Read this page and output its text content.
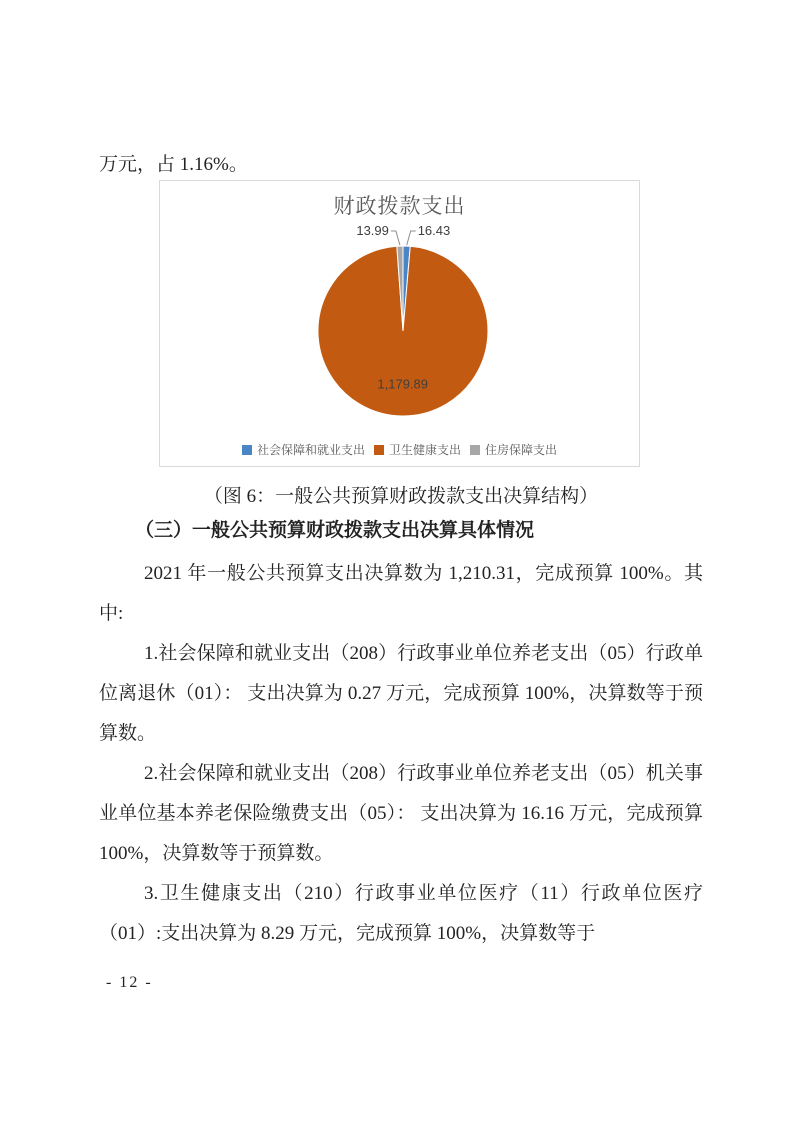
万元，占 1.16%。
财政拨款支出
16.43
1,179.89
13.99
社会保障和就业支出 卫生健康支出 住房保障支出
（图 6：一般公共预算财政拨款支出决算结构）
（三）一般公共预算财政拨款支出决算具体情况

2021 年一般公共预算支出决算数为 1,210.31，完成预算 100%。其中:

1.社会保障和就业支出（208）行政事业单位养老支出（05）行政单位离退休（01）： 支出决算为 0.27 万元，完成预算 100%，决算数等于预算数。

2.社会保障和就业支出（208）行政事业单位养老支出（05）机关事业单位基本养老保险缴费支出（05）： 支出决算为 16.16 万元，完成预算 100%，决算数等于预算数。

3.卫生健康支出（210）行政事业单位医疗（11）行政单位医疗（01）:支出决算为 8.29 万元，完成预算 100%，决算数等于

- 12 -
